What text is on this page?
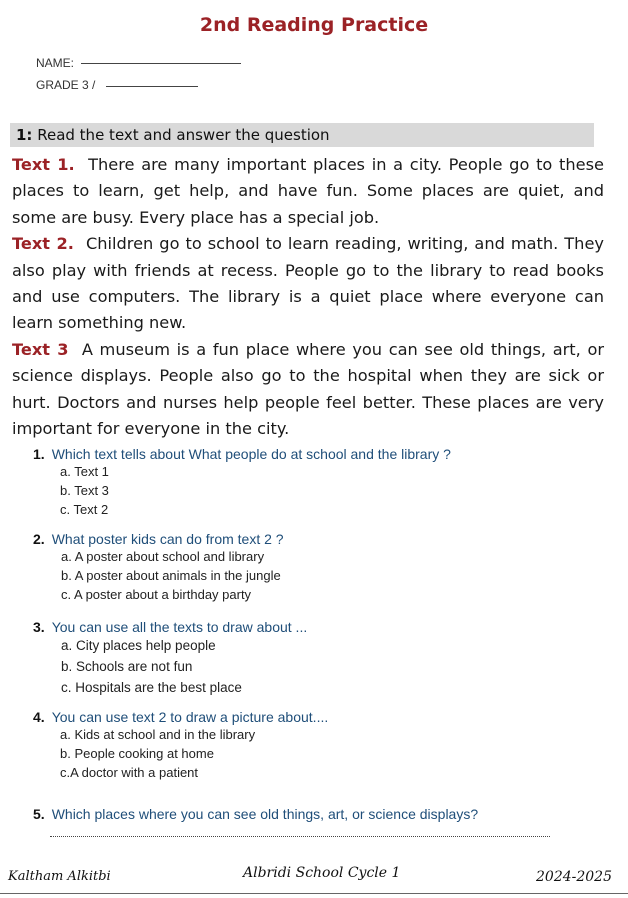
2nd Reading Practice
NAME:
GRADE 3 /
1: Read the text and answer the question

Text 1. There are many important places in a city. People go to these places to learn, get help, and have fun. Some places are quiet, and some are busy. Every place has a special job.

Text 2. Children go to school to learn reading, writing, and math. They also play with friends at recess. People go to the library to read books and use computers. The library is a quiet place where everyone can learn something new.

Text 3 A museum is a fun place where you can see old things, art, or science displays. People also go to the hospital when they are sick or hurt. Doctors and nurses help people feel better. These places are very important for everyone in the city.

1. Which text tells about What people do at school and the library ?
a. Text 1
b. Text 3
c. Text 2
2. What poster kids can do from text 2 ?
a. A poster about school and library
b. A poster about animals in the jungle
c. A poster about a birthday party
3. You can use all the texts to draw about ...
a. City places help people
b. Schools are not fun
c. Hospitals are the best place
4. You can use text 2 to draw a picture about....
a. Kids at school and in the library
b. People cooking at home
c.A doctor with a patient
5. Which places where you can see old things, art, or science displays?
Kaltham Alkitbi	Albridi School Cycle 1	2024-2025
